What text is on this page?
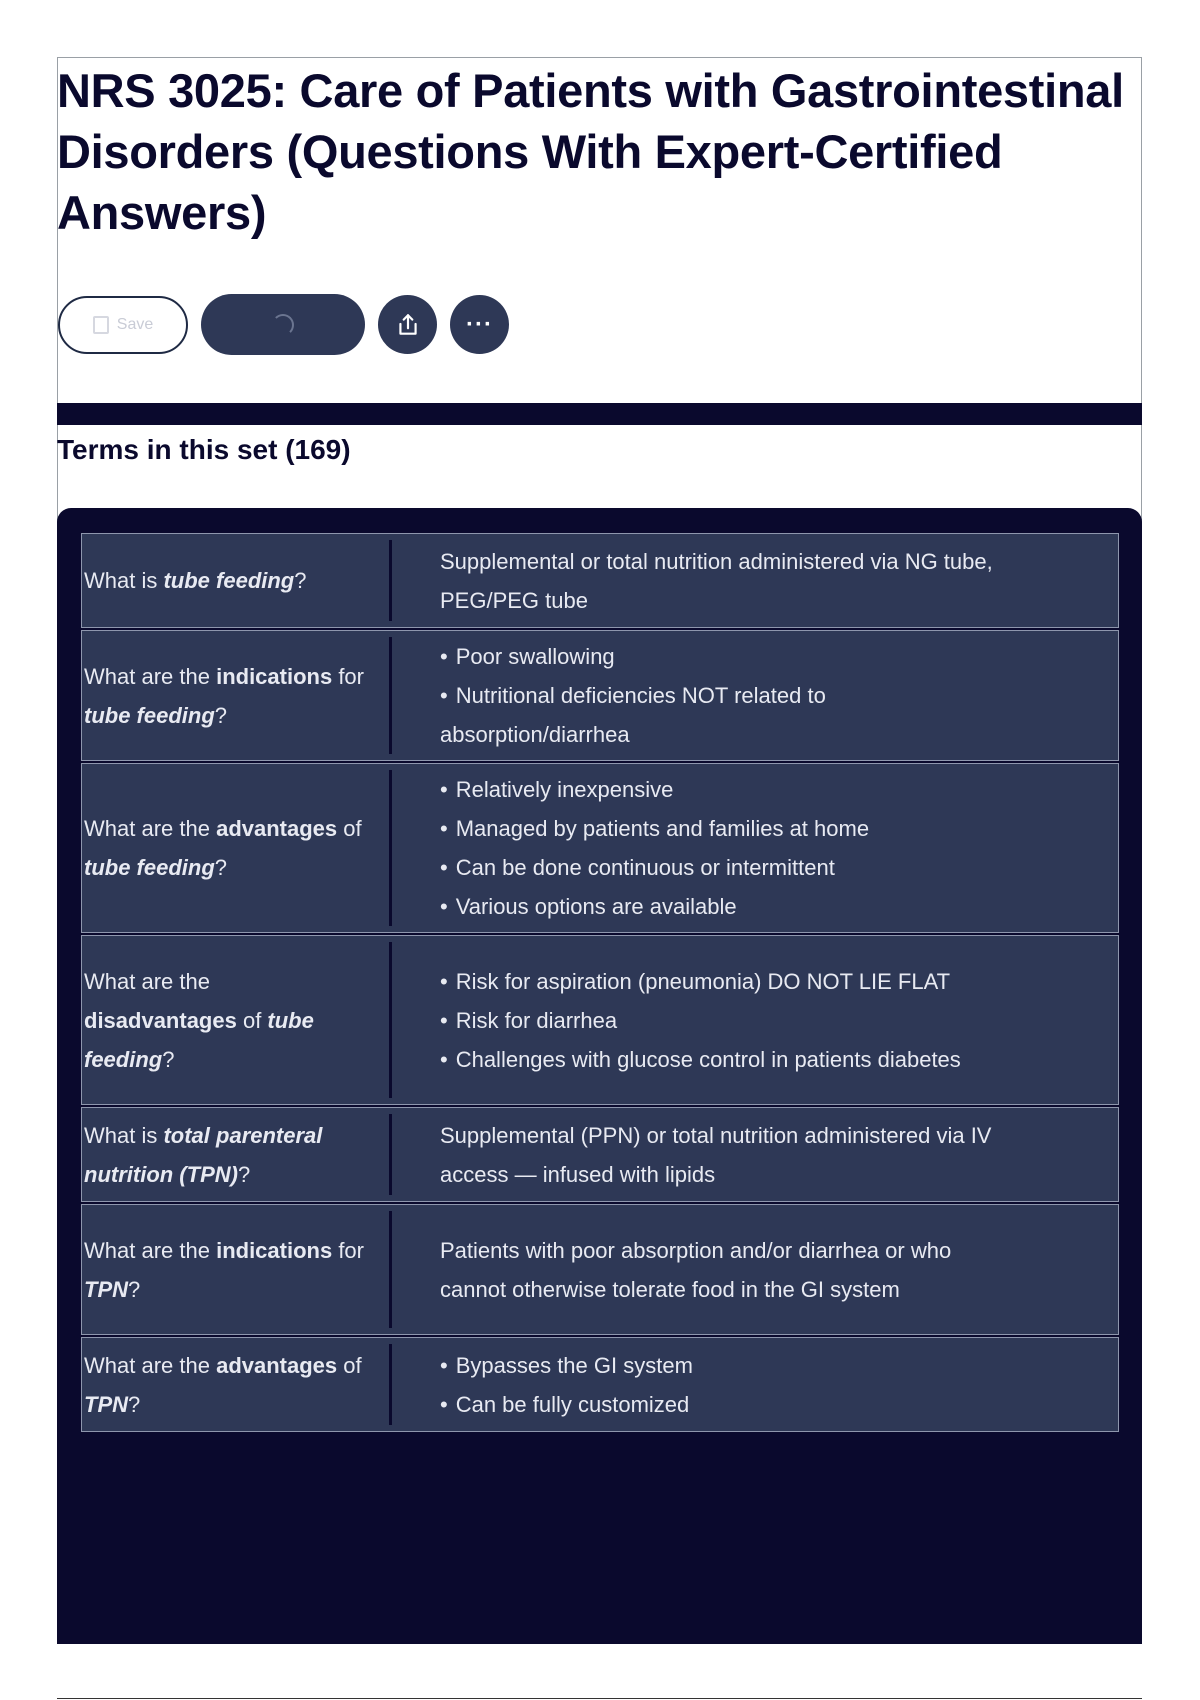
NRS 3025: Care of Patients with Gastrointestinal Disorders (Questions With Expert-Certified Answers)
Save	···
Terms in this set (169)
What is tube feeding?
Supplemental or total nutrition administered via NG tube, PEG/PEG tube
What are the indications for tube feeding?
• Poor swallowing
• Nutritional deficiencies NOT related to absorption/diarrhea
What are the advantages of tube feeding?
• Relatively inexpensive
• Managed by patients and families at home
• Can be done continuous or intermittent
• Various options are available
What are the disadvantages of tube feeding?
• Risk for aspiration (pneumonia) DO NOT LIE FLAT
• Risk for diarrhea
• Challenges with glucose control in patients diabetes
What is total parenteral nutrition (TPN)?
Supplemental (PPN) or total nutrition administered via IV access — infused with lipids
What are the indications for TPN?
Patients with poor absorption and/or diarrhea or who cannot otherwise tolerate food in the GI system
What are the advantages of TPN?
• Bypasses the GI system
• Can be fully customized
